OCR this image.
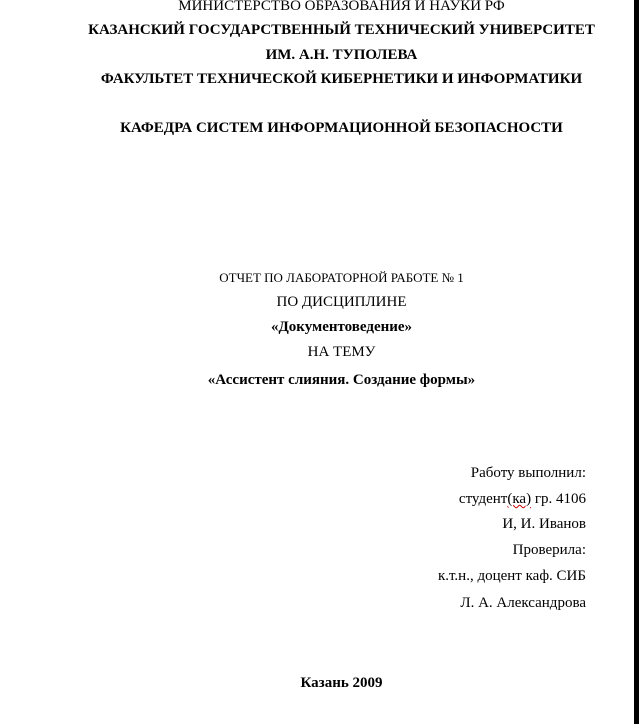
МИНИСТЕРСТВО ОБРАЗОВАНИЯ И НАУКИ РФ
КАЗАНСКИЙ ГОСУДАРСТВЕННЫЙ ТЕХНИЧЕСКИЙ УНИВЕРСИТЕТ
ИМ. А.Н. ТУПОЛЕВА
ФАКУЛЬТЕТ ТЕХНИЧЕСКОЙ КИБЕРНЕТИКИ И ИНФОРМАТИКИ
КАФЕДРА СИСТЕМ ИНФОРМАЦИОННОЙ БЕЗОПАСНОСТИ
ОТЧЕТ ПО ЛАБОРАТОРНОЙ РАБОТЕ № 1
ПО ДИСЦИПЛИНЕ
«Документоведение»
НА ТЕМУ
«Ассистент слияния. Создание формы»
Работу выполнил:
студент(ка) гр. 4106
И, И. Иванов
Проверила:
к.т.н., доцент каф. СИБ
Л. А. Александрова
Казань 2009
